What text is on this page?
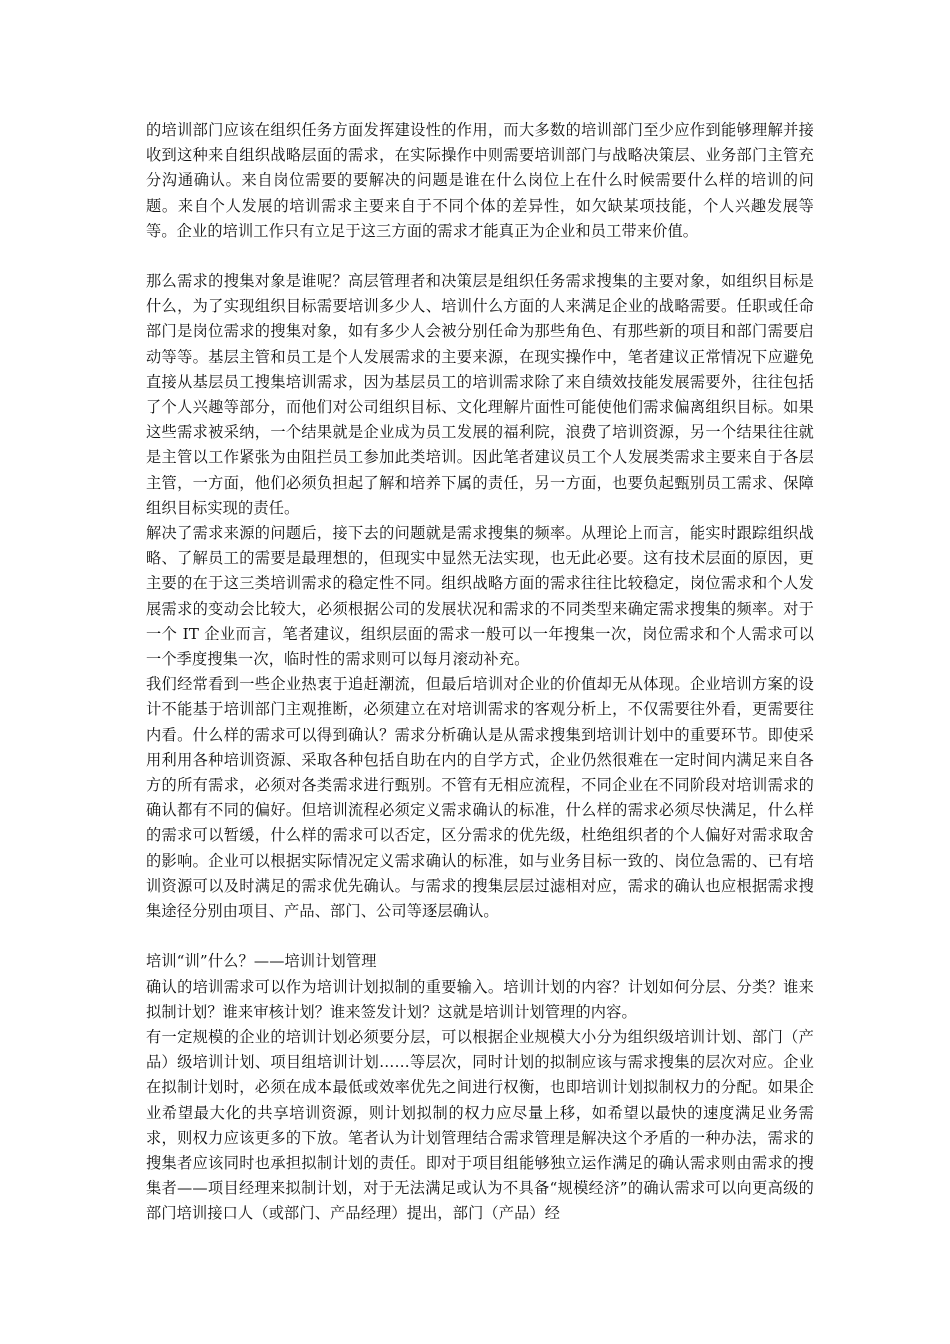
的培训部门应该在组织任务方面发挥建设性的作用，而大多数的培训部门至少应作到能够理解并接收到这种来自组织战略层面的需求，在实际操作中则需要培训部门与战略决策层、业务部门主管充分沟通确认。来自岗位需要的要解决的问题是谁在什么岗位上在什么时候需要什么样的培训的问题。来自个人发展的培训需求主要来自于不同个体的差异性，如欠缺某项技能，个人兴趣发展等等。企业的培训工作只有立足于这三方面的需求才能真正为企业和员工带来价值。

那么需求的搜集对象是谁呢？高层管理者和决策层是组织任务需求搜集的主要对象，如组织目标是什么，为了实现组织目标需要培训多少人、培训什么方面的人来满足企业的战略需要。任职或任命部门是岗位需求的搜集对象，如有多少人会被分别任命为那些角色、有那些新的项目和部门需要启动等等。基层主管和员工是个人发展需求的主要来源，在现实操作中，笔者建议正常情况下应避免直接从基层员工搜集培训需求，因为基层员工的培训需求除了来自绩效技能发展需要外，往往包括了个人兴趣等部分，而他们对公司组织目标、文化理解片面性可能使他们需求偏离组织目标。如果这些需求被采纳，一个结果就是企业成为员工发展的福利院，浪费了培训资源，另一个结果往往就是主管以工作紧张为由阻拦员工参加此类培训。因此笔者建议员工个人发展类需求主要来自于各层主管，一方面，他们必须负担起了解和培养下属的责任，另一方面，也要负起甄别员工需求、保障组织目标实现的责任。

解决了需求来源的问题后，接下去的问题就是需求搜集的频率。从理论上而言，能实时跟踪组织战略、了解员工的需要是最理想的，但现实中显然无法实现，也无此必要。这有技术层面的原因，更主要的在于这三类培训需求的稳定性不同。组织战略方面的需求往往比较稳定，岗位需求和个人发展需求的变动会比较大，必须根据公司的发展状况和需求的不同类型来确定需求搜集的频率。对于一个 IT 企业而言，笔者建议，组织层面的需求一般可以一年搜集一次，岗位需求和个人需求可以一个季度搜集一次，临时性的需求则可以每月滚动补充。

我们经常看到一些企业热衷于追赶潮流，但最后培训对企业的价值却无从体现。企业培训方案的设计不能基于培训部门主观推断，必须建立在对培训需求的客观分析上，不仅需要往外看，更需要往内看。什么样的需求可以得到确认？需求分析确认是从需求搜集到培训计划中的重要环节。即使采用利用各种培训资源、采取各种包括自助在内的自学方式，企业仍然很难在一定时间内满足来自各方的所有需求，必须对各类需求进行甄别。不管有无相应流程，不同企业在不同阶段对培训需求的确认都有不同的偏好。但培训流程必须定义需求确认的标准，什么样的需求必须尽快满足，什么样的需求可以暂缓，什么样的需求可以否定，区分需求的优先级，杜绝组织者的个人偏好对需求取舍的影响。企业可以根据实际情况定义需求确认的标准，如与业务目标一致的、岗位急需的、已有培训资源可以及时满足的需求优先确认。与需求的搜集层层过滤相对应，需求的确认也应根据需求搜集途径分别由项目、产品、部门、公司等逐层确认。

培训“训”什么？——培训计划管理

确认的培训需求可以作为培训计划拟制的重要输入。培训计划的内容？计划如何分层、分类？谁来拟制计划？谁来审核计划？谁来签发计划？这就是培训计划管理的内容。

有一定规模的企业的培训计划必须要分层，可以根据企业规模大小分为组织级培训计划、部门（产品）级培训计划、项目组培训计划……等层次，同时计划的拟制应该与需求搜集的层次对应。企业在拟制计划时，必须在成本最低或效率优先之间进行权衡，也即培训计划拟制权力的分配。如果企业希望最大化的共享培训资源，则计划拟制的权力应尽量上移，如希望以最快的速度满足业务需求，则权力应该更多的下放。笔者认为计划管理结合需求管理是解决这个矛盾的一种办法，需求的搜集者应该同时也承担拟制计划的责任。即对于项目组能够独立运作满足的确认需求则由需求的搜集者——项目经理来拟制计划，对于无法满足或认为不具备“规模经济”的确认需求可以向更高级的部门培训接口人（或部门、产品经理）提出，部门（产品）经
